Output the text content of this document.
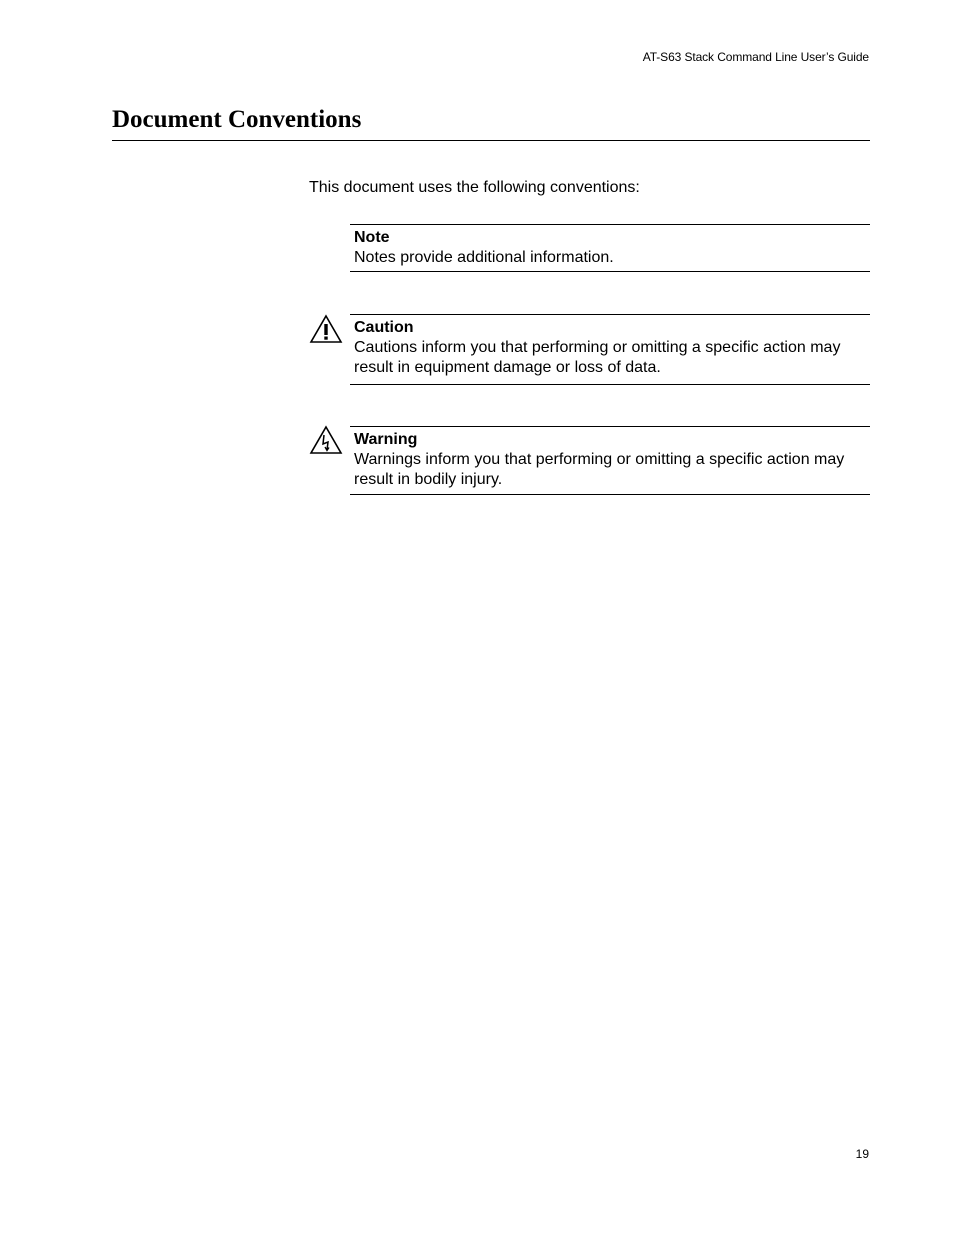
AT-S63 Stack Command Line User’s Guide
Document Conventions
This document uses the following conventions:
Note
Notes provide additional information.
Caution
Cautions inform you that performing or omitting a specific action may result in equipment damage or loss of data.
Warning
Warnings inform you that performing or omitting a specific action may result in bodily injury.
19
